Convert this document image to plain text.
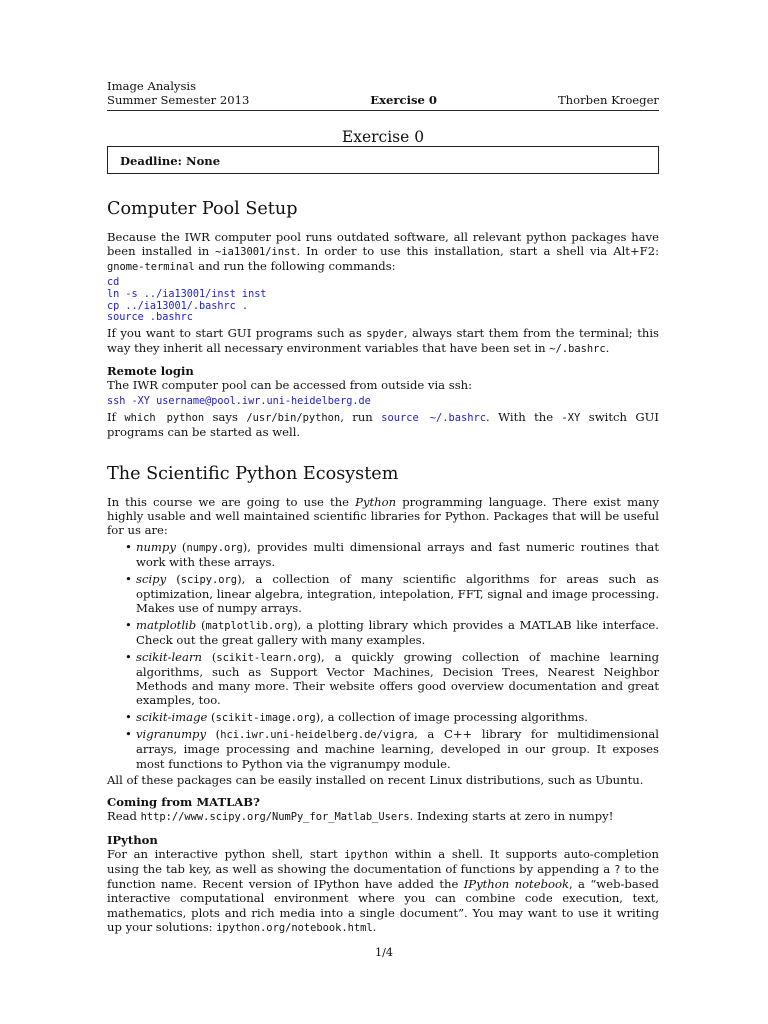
Image Analysis
Summer Semester 2013	Exercise 0	Thorben Kroeger
Exercise 0
Deadline: None
Computer Pool Setup

Because the IWR computer pool runs outdated software, all relevant python packages have been installed in ~ia13001/inst. In order to use this installation, start a shell via Alt+F2: gnome-terminal and run the following commands:

cd
ln -s ../ia13001/inst inst
cp ../ia13001/.bashrc .
source .bashrc

If you want to start GUI programs such as spyder, always start them from the terminal; this way they inherit all necessary environment variables that have been set in ~/.bashrc.

Remote login

The IWR computer pool can be accessed from outside via ssh:

ssh -XY username@pool.iwr.uni-heidelberg.de

If which python says /usr/bin/python, run source ~/.bashrc. With the -XY switch GUI programs can be started as well.

The Scientific Python Ecosystem

In this course we are going to use the Python programming language. There exist many highly usable and well maintained scientific libraries for Python. Packages that will be useful for us are:

• numpy (numpy.org), provides multi dimensional arrays and fast numeric routines that work with these arrays.
• scipy (scipy.org), a collection of many scientific algorithms for areas such as optimization, linear algebra, integration, intepolation, FFT, signal and image processing. Makes use of numpy arrays.
• matplotlib (matplotlib.org), a plotting library which provides a MATLAB like interface. Check out the great gallery with many examples.
• scikit-learn (scikit-learn.org), a quickly growing collection of machine learning algorithms, such as Support Vector Machines, Decision Trees, Nearest Neighbor Methods and many more. Their website offers good overview documentation and great examples, too.
• scikit-image (scikit-image.org), a collection of image processing algorithms.
• vigranumpy (hci.iwr.uni-heidelberg.de/vigra, a C++ library for multidimensional arrays, image processing and machine learning, developed in our group. It exposes most functions to Python via the vigranumpy module.

All of these packages can be easily installed on recent Linux distributions, such as Ubuntu.

Coming from MATLAB?

Read http://www.scipy.org/NumPy_for_Matlab_Users. Indexing starts at zero in numpy!

IPython

For an interactive python shell, start ipython within a shell. It supports auto-completion using the tab key, as well as showing the documentation of functions by appending a ? to the function name. Recent version of IPython have added the IPython notebook, a “web-based interactive computational environment where you can combine code execution, text, mathematics, plots and rich media into a single document”. You may want to use it writing up your solutions: ipython.org/notebook.html.

1/4
